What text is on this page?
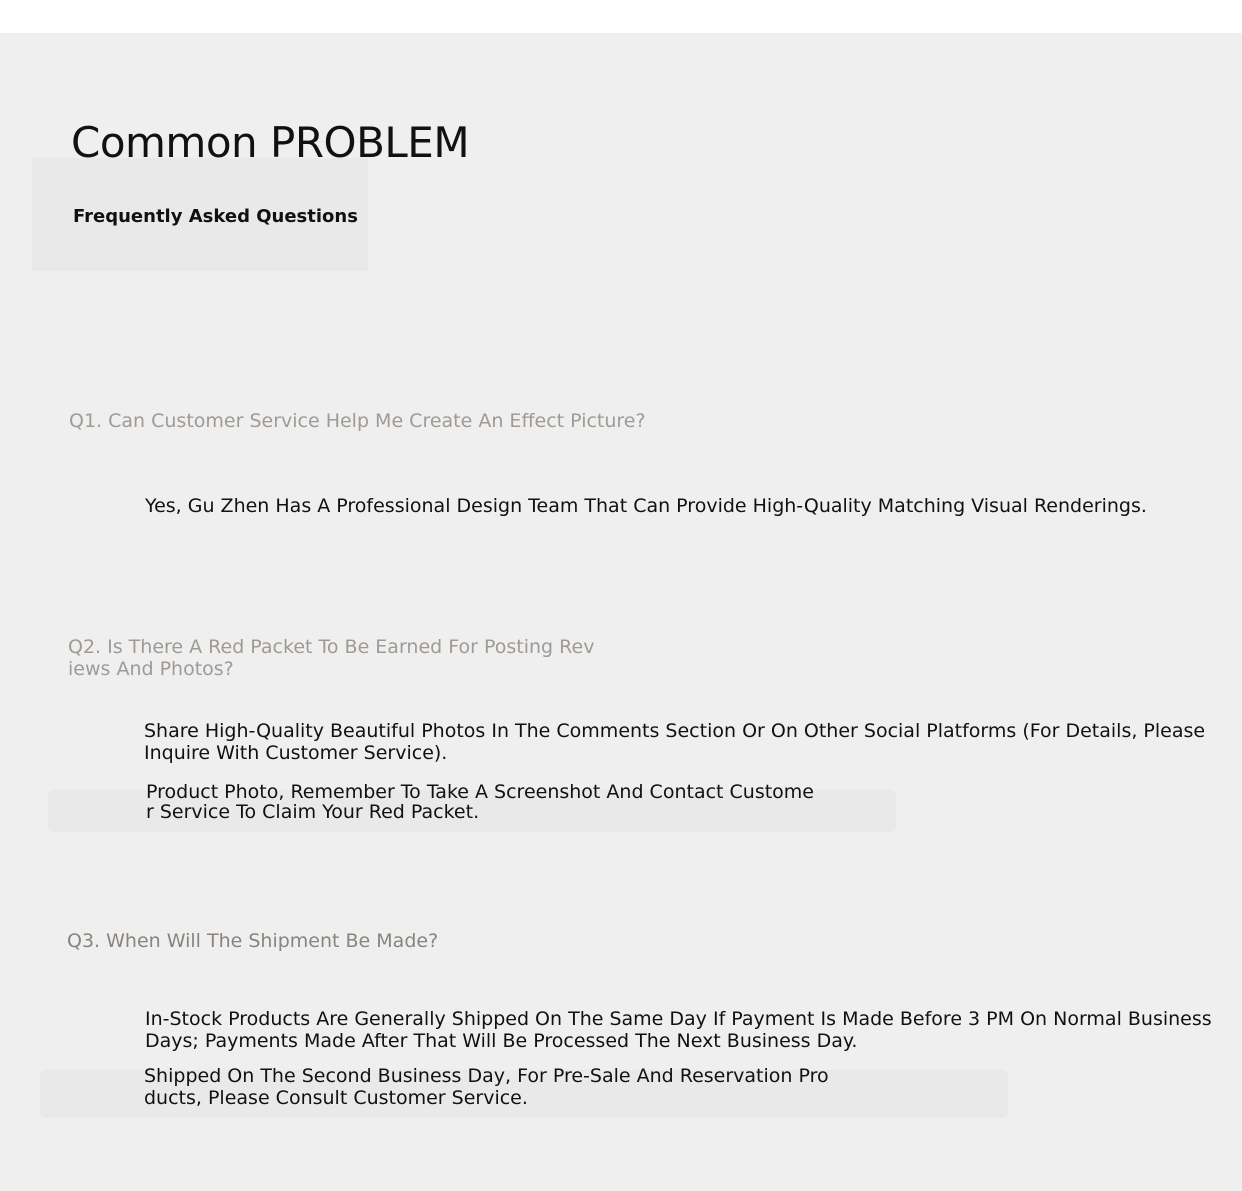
Common PROBLEM
Frequently Asked Questions
Q1. Can Customer Service Help Me Create An Effect Picture?
Yes, Gu Zhen Has A Professional Design Team That Can Provide High-Quality Matching Visual Renderings.
Q2. Is There A Red Packet To Be Earned For Posting Reviews And Photos?
Share High-Quality Beautiful Photos In The Comments Section Or On Other Social Platforms (For Details, Please Inquire With Customer Service).
Product Photo, Remember To Take A Screenshot And Contact Customer Service To Claim Your Red Packet.
Q3. When Will The Shipment Be Made?
In-Stock Products Are Generally Shipped On The Same Day If Payment Is Made Before 3 PM On Normal Business Days; Payments Made After That Will Be Processed The Next Business Day.
Shipped On The Second Business Day, For Pre-Sale And Reservation Products, Please Consult Customer Service.
